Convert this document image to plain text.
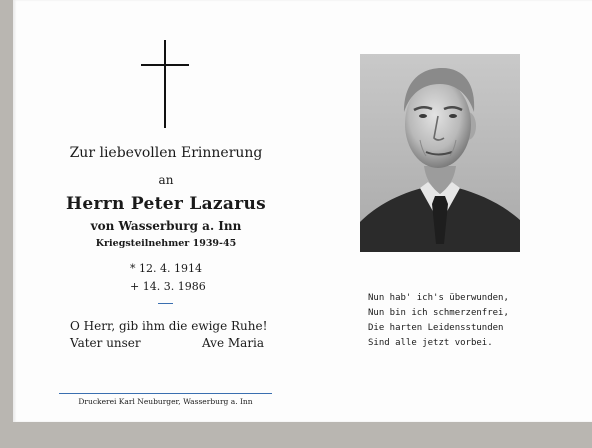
Zur liebevollen Erinnerung
an
Herrn Peter Lazarus
von Wasserburg a. Inn
Kriegsteilnehmer 1939-45
* 12. 4. 1914
+ 14. 3. 1986
O Herr, gib ihm die ewige Ruhe!
Vater unser	Ave Maria
Druckerei Karl Neuburger, Wasserburg a. Inn
Nun hab' ich's überwunden,
Nun bin ich schmerzenfrei,
Die harten Leidensstunden
Sind alle jetzt vorbei.
